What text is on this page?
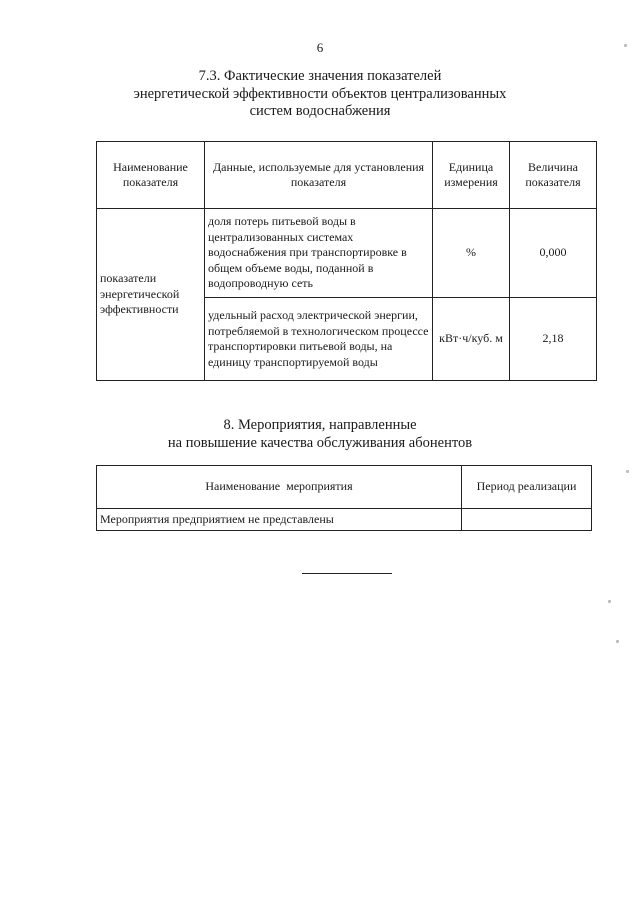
6
7.3. Фактические значения показателей
энергетической эффективности объектов централизованных
систем водоснабжения
Наименование показателя	Данные, используемые для установления показателя	Единица измерения	Величина показателя
показатели энергетической эффективности	доля потерь питьевой воды в централизованных системах водоснабжения при транспортировке в общем объеме воды, поданной в водопроводную сеть	%	0,000
	удельный расход электрической энергии, потребляемой в технологическом процессе транспортировки питьевой воды, на единицу транспортируемой воды	кВт·ч/куб. м	2,18
8. Мероприятия, направленные
на повышение качества обслуживания абонентов
Наименование  мероприятия	Период реализации
Мероприятия предприятием не представлены	
